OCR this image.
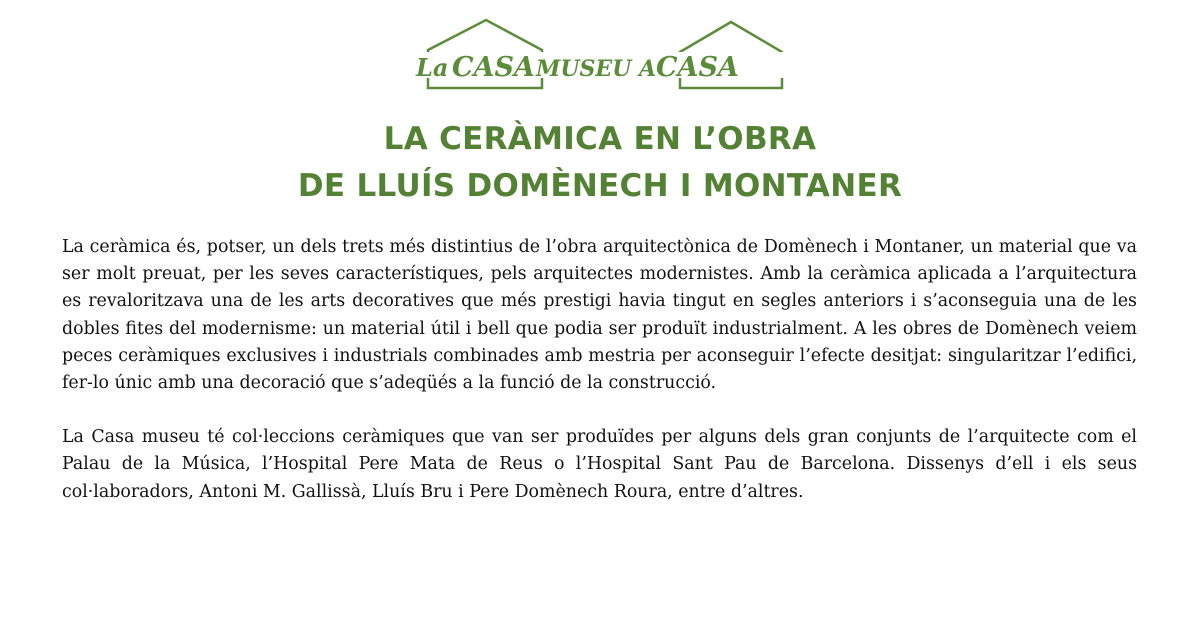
La CASA MUSEU A CASA
LA CERÀMICA EN L’OBRA
DE LLUÍS DOMÈNECH I MONTANER

La ceràmica és, potser, un dels trets més distintius de l’obra arquitectònica de Domènech i Montaner, un material que va ser molt preuat, per les seves característiques, pels arquitectes modernistes. Amb la ceràmica aplicada a l’arquitectura es revaloritzava una de les arts decoratives que més prestigi havia tingut en segles anteriors i s’aconseguia una de les dobles fites del modernisme: un material útil i bell que podia ser produït industrialment. A les obres de Domènech veiem peces ceràmiques exclusives i industrials combinades amb mestria per aconseguir l’efecte desitjat: singularitzar l’edifici, fer-lo únic amb una decoració que s’adeqüés a la funció de la construcció.

La Casa museu té col·leccions ceràmiques que van ser produïdes per alguns dels gran conjunts de l’arquitecte com el Palau de la Música, l’Hospital Pere Mata de Reus o l’Hospital Sant Pau de Barcelona. Dissenys d’ell i els seus col·laboradors, Antoni M. Gallissà, Lluís Bru i Pere Domènech Roura, entre d’altres.
